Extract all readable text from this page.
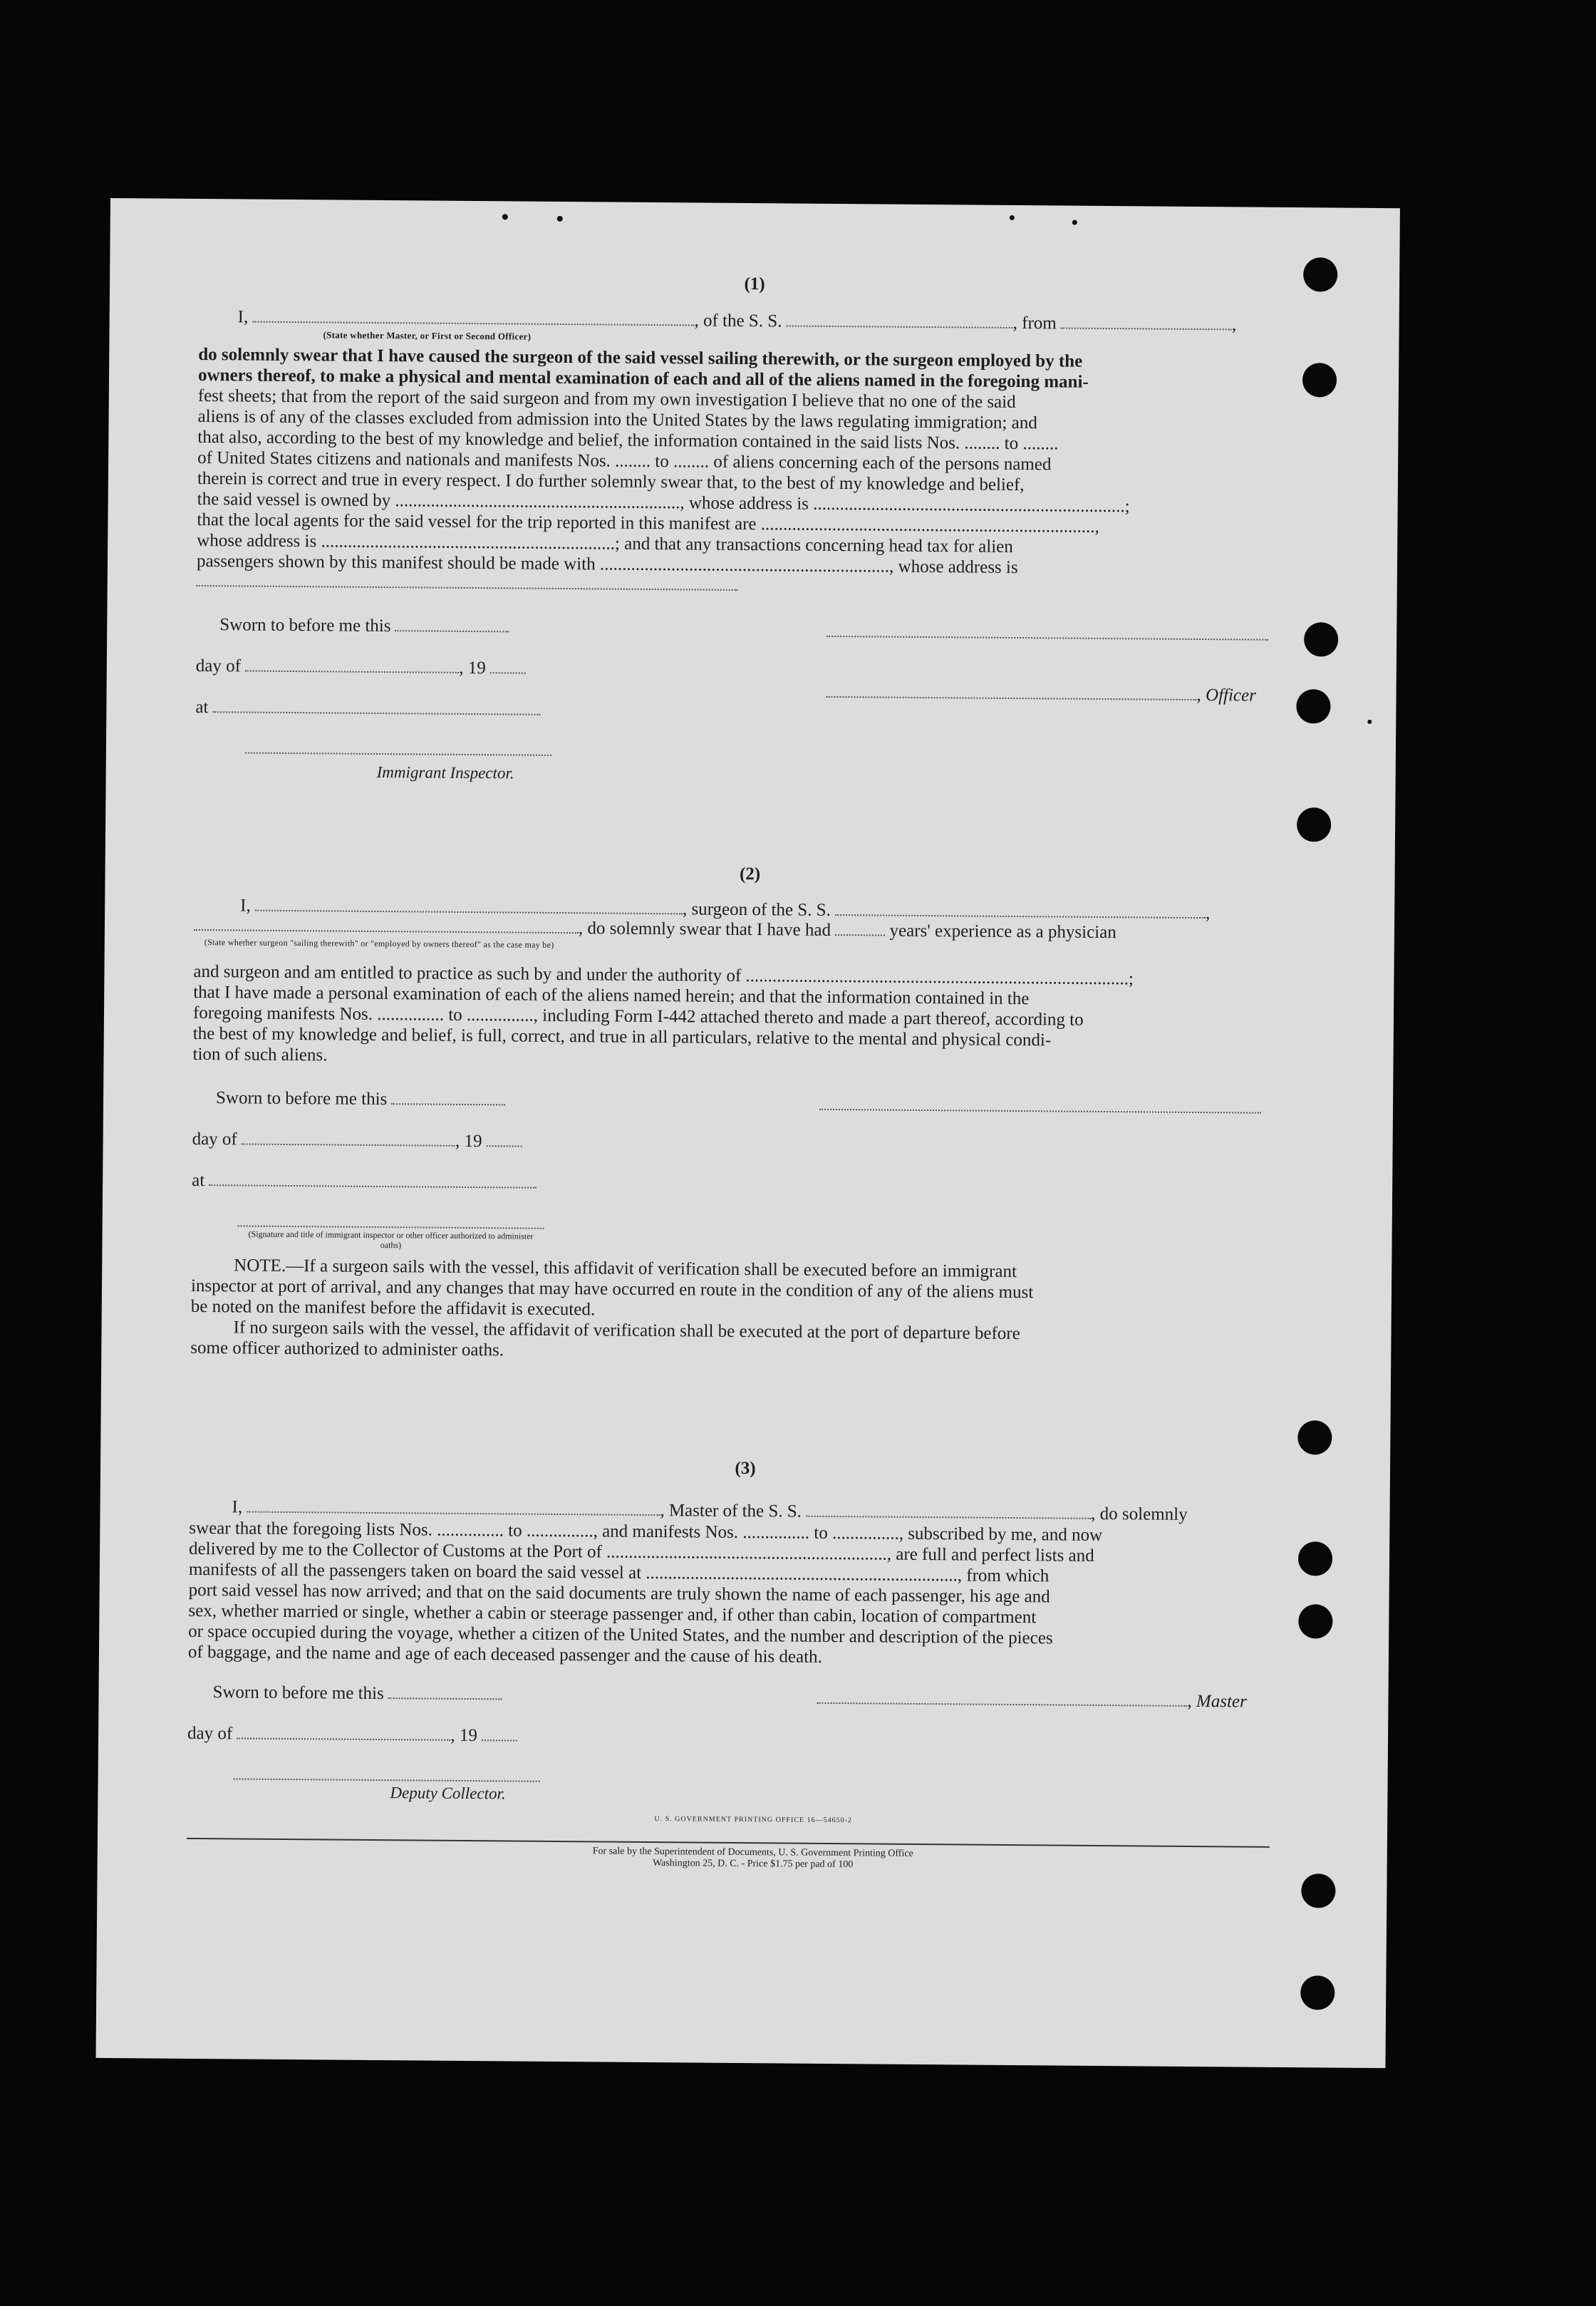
(1)
I,	, of the S. S.	, from	,
(State whether Master, or First or Second Officer)
do solemnly swear that I have caused the surgeon of the said vessel sailing therewith, or the surgeon employed by the
owners thereof, to make a physical and mental examination of each and all of the aliens named in the foregoing mani-
fest sheets; that from the report of the said surgeon and from my own investigation I believe that no one of the said
aliens is of any of the classes excluded from admission into the United States by the laws regulating immigration; and
that also, according to the best of my knowledge and belief, the information contained in the said lists Nos. ........ to ........
of United States citizens and nationals and manifests Nos. ........ to ........ of aliens concerning each of the persons named
therein is correct and true in every respect. I do further solemnly swear that, to the best of my knowledge and belief,
the said vessel is owned by ................................................................, whose address is ......................................................................;
that the local agents for the said vessel for the trip reported in this manifest are ...........................................................................,
whose address is ..................................................................; and that any transactions concerning head tax for alien
passengers shown by this manifest should be made with ................................................................., whose address is
Sworn to before me this
day of	, 19
, Officer
at
Immigrant Inspector.
(2)
I,	, surgeon of the S. S.	,
, do solemnly swear that I have had	years' experience as a physician
(State whether surgeon "sailing therewith" or "employed by owners thereof" as the case may be)
and surgeon and am entitled to practice as such by and under the authority of ......................................................................................;
that I have made a personal examination of each of the aliens named herein; and that the information contained in the
foregoing manifests Nos. ............... to ..............., including Form I-442 attached thereto and made a part thereof, according to
the best of my knowledge and belief, is full, correct, and true in all particulars, relative to the mental and physical condi-
tion of such aliens.
Sworn to before me this
day of	, 19
at
(Signature and title of immigrant inspector or other officer authorized to administer oaths)
NOTE.—If a surgeon sails with the vessel, this affidavit of verification shall be executed before an immigrant
inspector at port of arrival, and any changes that may have occurred en route in the condition of any of the aliens must
be noted on the manifest before the affidavit is executed.
If no surgeon sails with the vessel, the affidavit of verification shall be executed at the port of departure before
some officer authorized to administer oaths.
(3)
I,	, Master of the S. S.	, do solemnly
swear that the foregoing lists Nos. ............... to ..............., and manifests Nos. ............... to ..............., subscribed by me, and now
delivered by me to the Collector of Customs at the Port of ..............................................................., are full and perfect lists and
manifests of all the passengers taken on board the said vessel at ......................................................................, from which
port said vessel has now arrived; and that on the said documents are truly shown the name of each passenger, his age and
sex, whether married or single, whether a cabin or steerage passenger and, if other than cabin, location of compartment
or space occupied during the voyage, whether a citizen of the United States, and the number and description of the pieces
of baggage, and the name and age of each deceased passenger and the cause of his death.
Sworn to before me this	, Master
day of	, 19
Deputy Collector.
U. S. GOVERNMENT PRINTING OFFICE 16—54650-2
For sale by the Superintendent of Documents, U. S. Government Printing Office
Washington 25, D. C. - Price $1.75 per pad of 100
